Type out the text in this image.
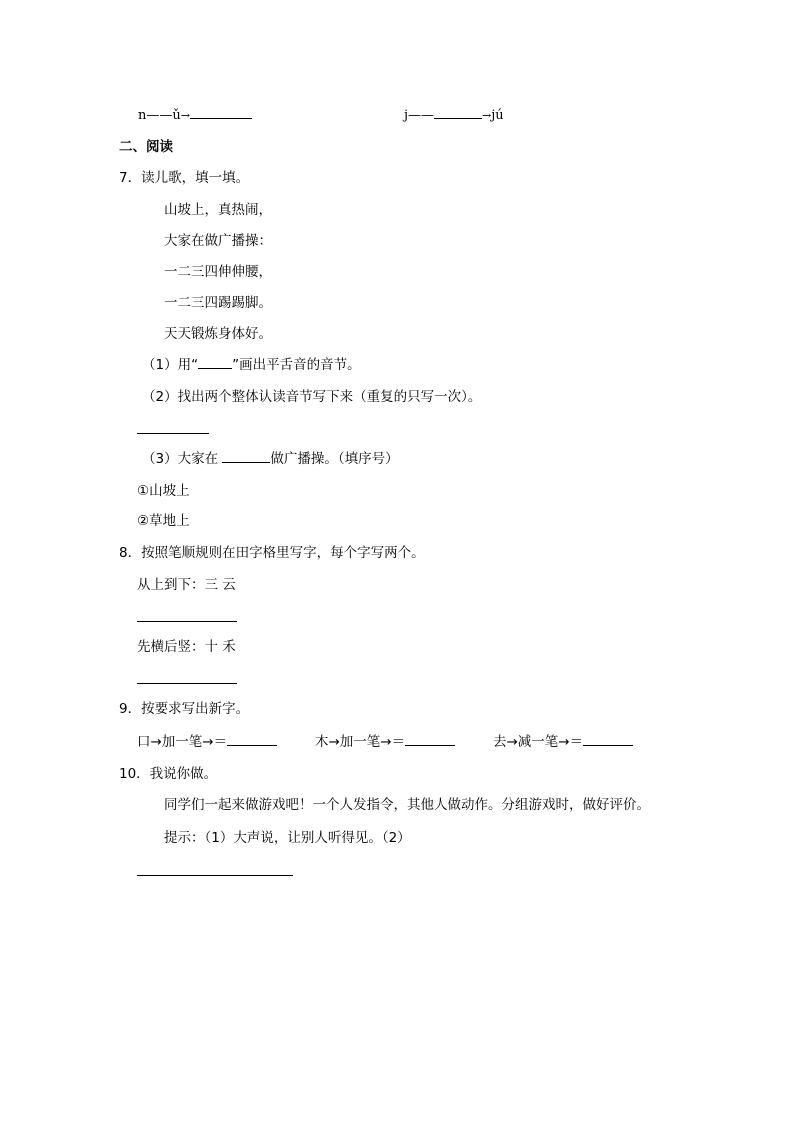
n——ǔ→	j——	→jú
二、阅读
7．读儿歌，填一填。
山坡上，真热闹，
大家在做广播操：
一二三四伸伸腰，
一二三四踢踢脚。
天天锻炼身体好。
（1）用“	”画出平舌音的音节。
（2）找出两个整体认读音节写下来（重复的只写一次）。
（3）大家在	做广播操。（填序号）
①山坡上
②草地上
8．按照笔顺规则在田字格里写字，每个字写两个。
从上到下：三 云
先横后竖：十 禾
9．按要求写出新字。
口→加一笔→＝	木→加一笔→＝	去→减一笔→＝
10．我说你做。
同学们一起来做游戏吧！一个人发指令，其他人做动作。分组游戏时，做好评价。
提示：（1）大声说，让别人听得见。（2）
